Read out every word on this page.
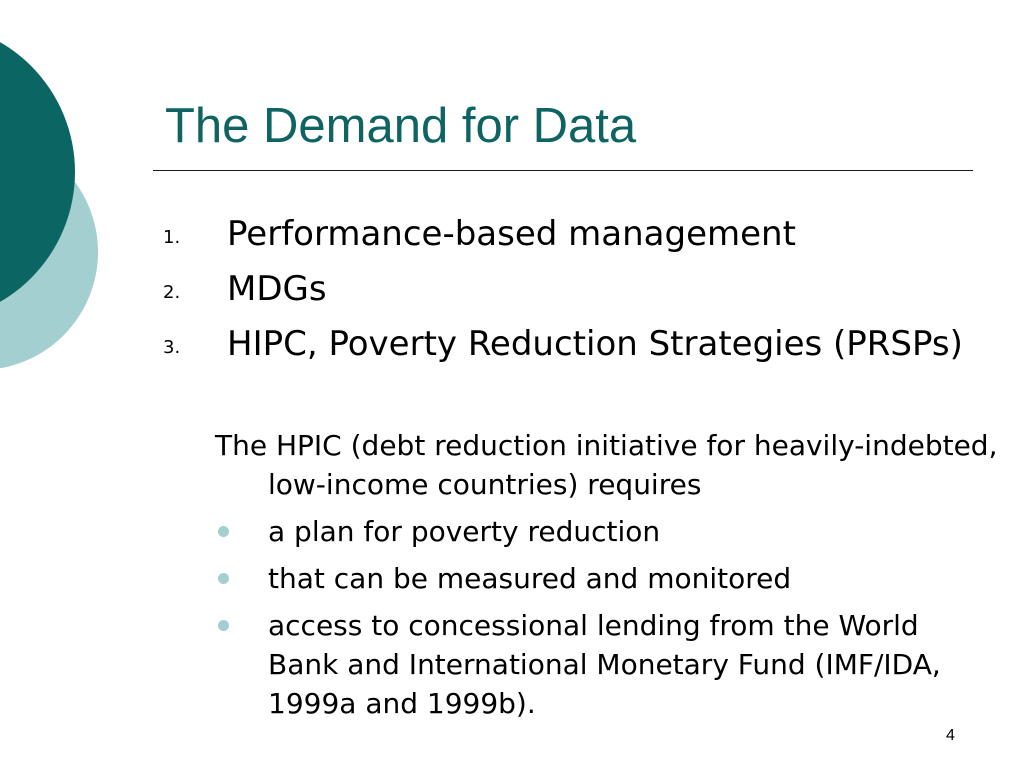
The Demand for Data
1. Performance-based management
2. MDGs
3. HIPC, Poverty Reduction Strategies (PRSPs)

The HPIC (debt reduction initiative for heavily-indebted, low-income countries) requires

a plan for poverty reduction
that can be measured and monitored
access to concessional lending from the World Bank and International Monetary Fund (IMF/IDA, 1999a and 1999b).
4
